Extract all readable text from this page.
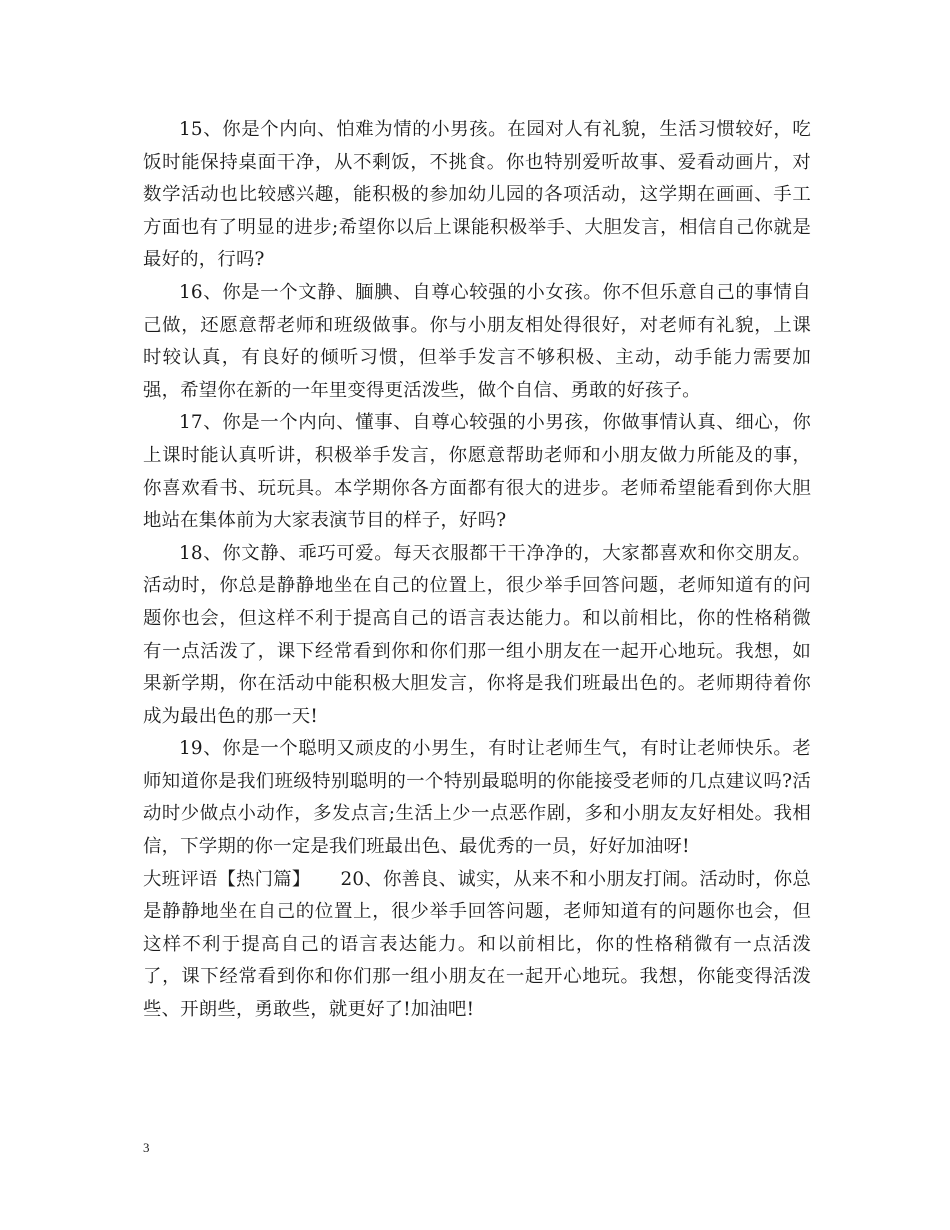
15、你是个内向、怕难为情的小男孩。在园对人有礼貌，生活习惯较好，吃饭时能保持桌面干净，从不剩饭，不挑食。你也特别爱听故事、爱看动画片，对数学活动也比较感兴趣，能积极的参加幼儿园的各项活动，这学期在画画、手工方面也有了明显的进步;希望你以后上课能积极举手、大胆发言，相信自己你就是最好的，行吗?

16、你是一个文静、腼腆、自尊心较强的小女孩。你不但乐意自己的事情自己做，还愿意帮老师和班级做事。你与小朋友相处得很好，对老师有礼貌，上课时较认真，有良好的倾听习惯，但举手发言不够积极、主动，动手能力需要加强，希望你在新的一年里变得更活泼些，做个自信、勇敢的好孩子。

17、你是一个内向、懂事、自尊心较强的小男孩，你做事情认真、细心，你上课时能认真听讲，积极举手发言，你愿意帮助老师和小朋友做力所能及的事，你喜欢看书、玩玩具。本学期你各方面都有很大的进步。老师希望能看到你大胆地站在集体前为大家表演节目的样子，好吗?

18、你文静、乖巧可爱。每天衣服都干干净净的，大家都喜欢和你交朋友。活动时，你总是静静地坐在自己的位置上，很少举手回答问题，老师知道有的问题你也会，但这样不利于提高自己的语言表达能力。和以前相比，你的性格稍微有一点活泼了，课下经常看到你和你们那一组小朋友在一起开心地玩。我想，如果新学期，你在活动中能积极大胆发言，你将是我们班最出色的。老师期待着你成为最出色的那一天!

19、你是一个聪明又顽皮的小男生，有时让老师生气，有时让老师快乐。老师知道你是我们班级特别聪明的一个特别最聪明的你能接受老师的几点建议吗?活动时少做点小动作，多发点言;生活上少一点恶作剧，多和小朋友友好相处。我相信，下学期的你一定是我们班最出色、最优秀的一员，好好加油呀!

大班评语【热门篇】 20、你善良、诚实，从来不和小朋友打闹。活动时，你总是静静地坐在自己的位置上，很少举手回答问题，老师知道有的问题你也会，但这样不利于提高自己的语言表达能力。和以前相比，你的性格稍微有一点活泼了，课下经常看到你和你们那一组小朋友在一起开心地玩。我想，你能变得活泼些、开朗些，勇敢些，就更好了!加油吧!

3
